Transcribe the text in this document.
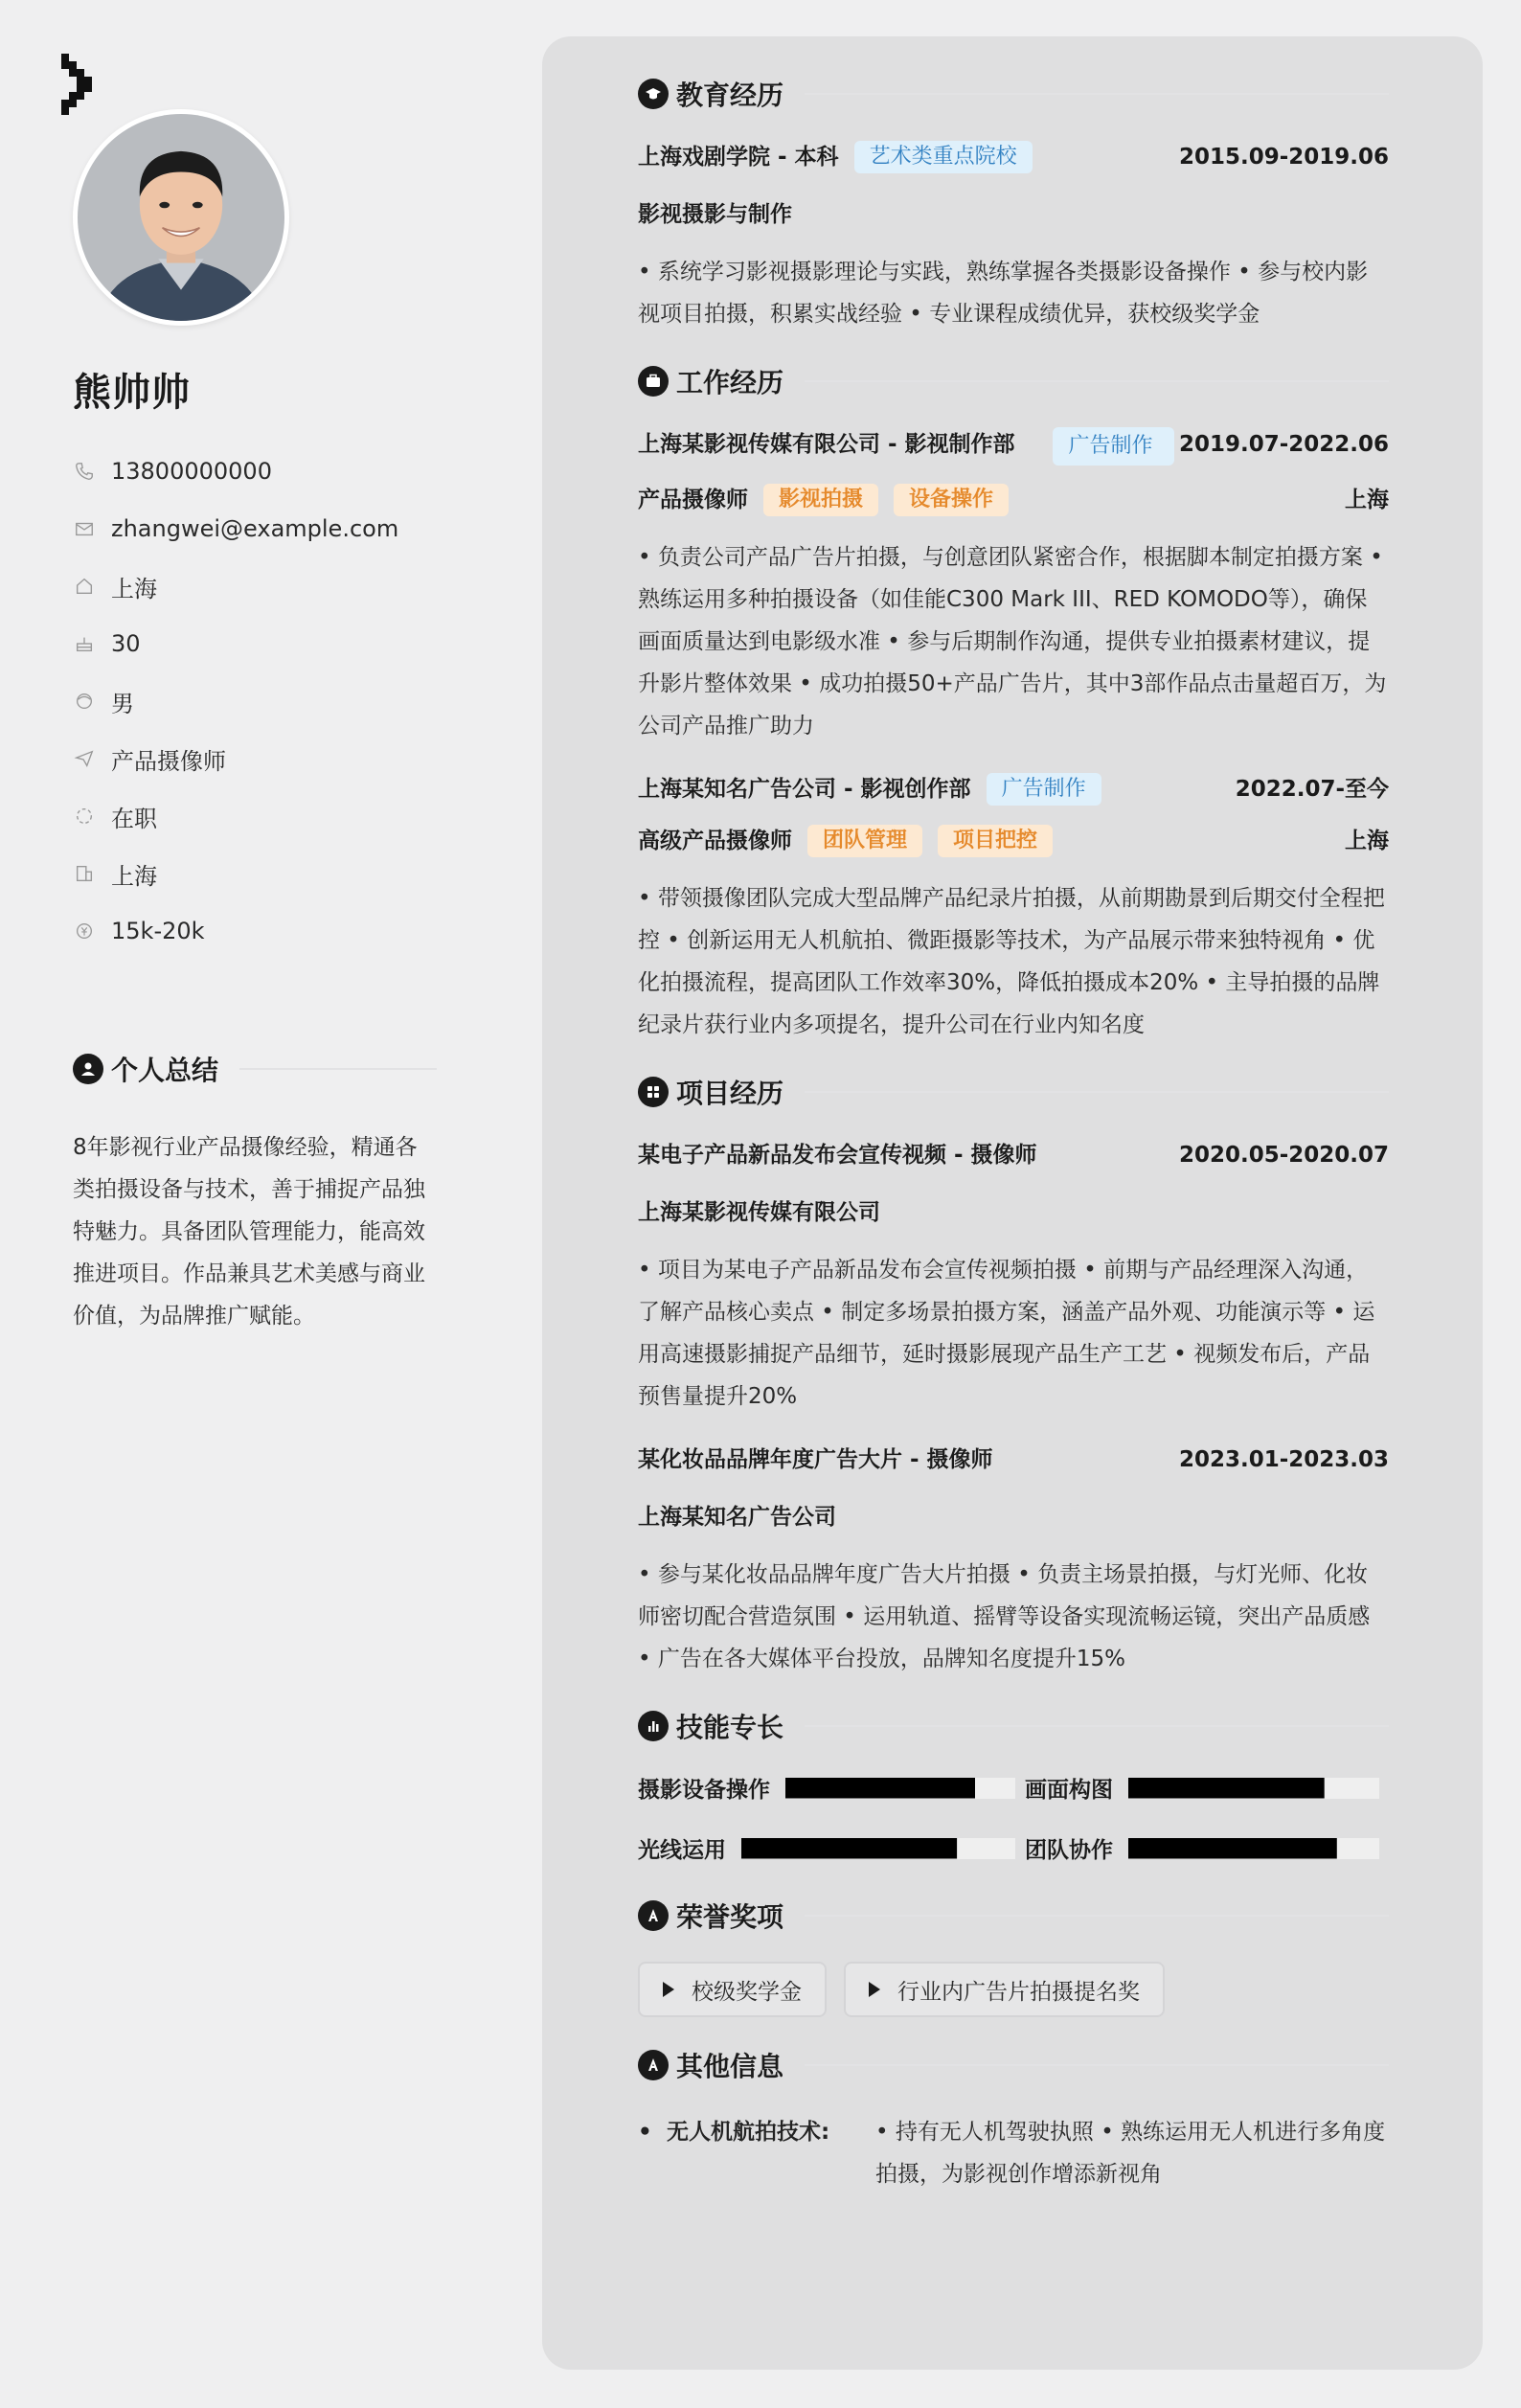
熊帅帅
13800000000
zhangwei@example.com
上海
30
男
产品摄像师
在职
上海
15k-20k
个人总结
8年影视行业产品摄像经验，精通各类拍摄设备与技术，善于捕捉产品独特魅力。具备团队管理能力，能高效推进项目。作品兼具艺术美感与商业价值，为品牌推广赋能。
教育经历
上海戏剧学院 - 本科	艺术类重点院校	2015.09-2019.06
影视摄影与制作
• 系统学习影视摄影理论与实践，熟练掌握各类摄影设备操作 • 参与校内影视项目拍摄，积累实战经验 • 专业课程成绩优异，获校级奖学金
工作经历
上海某影视传媒有限公司 - 影视制作部	广告制作	2019.07-2022.06
产品摄像师	影视拍摄	设备操作	上海
• 负责公司产品广告片拍摄，与创意团队紧密合作，根据脚本制定拍摄方案 • 熟练运用多种拍摄设备（如佳能C300 Mark III、RED KOMODO等），确保画面质量达到电影级水准 • 参与后期制作沟通，提供专业拍摄素材建议，提升影片整体效果 • 成功拍摄50+产品广告片，其中3部作品点击量超百万，为公司产品推广助力
上海某知名广告公司 - 影视创作部	广告制作	2022.07-至今
高级产品摄像师	团队管理	项目把控	上海
• 带领摄像团队完成大型品牌产品纪录片拍摄，从前期勘景到后期交付全程把控 • 创新运用无人机航拍、微距摄影等技术，为产品展示带来独特视角 • 优化拍摄流程，提高团队工作效率30%，降低拍摄成本20% • 主导拍摄的品牌纪录片获行业内多项提名，提升公司在行业内知名度
项目经历
某电子产品新品发布会宣传视频 - 摄像师	2020.05-2020.07
上海某影视传媒有限公司
• 项目为某电子产品新品发布会宣传视频拍摄 • 前期与产品经理深入沟通，了解产品核心卖点 • 制定多场景拍摄方案，涵盖产品外观、功能演示等 • 运用高速摄影捕捉产品细节，延时摄影展现产品生产工艺 • 视频发布后，产品预售量提升20%
某化妆品品牌年度广告大片 - 摄像师	2023.01-2023.03
上海某知名广告公司
• 参与某化妆品品牌年度广告大片拍摄 • 负责主场景拍摄，与灯光师、化妆师密切配合营造氛围 • 运用轨道、摇臂等设备实现流畅运镜，突出产品质感 • 广告在各大媒体平台投放，品牌知名度提升15%
技能专长
摄影设备操作	画面构图
光线运用	团队协作
荣誉奖项
校级奖学金	行业内广告片拍摄提名奖
其他信息
• 无人机航拍技术:	• 持有无人机驾驶执照 • 熟练运用无人机进行多角度拍摄，为影视创作增添新视角
